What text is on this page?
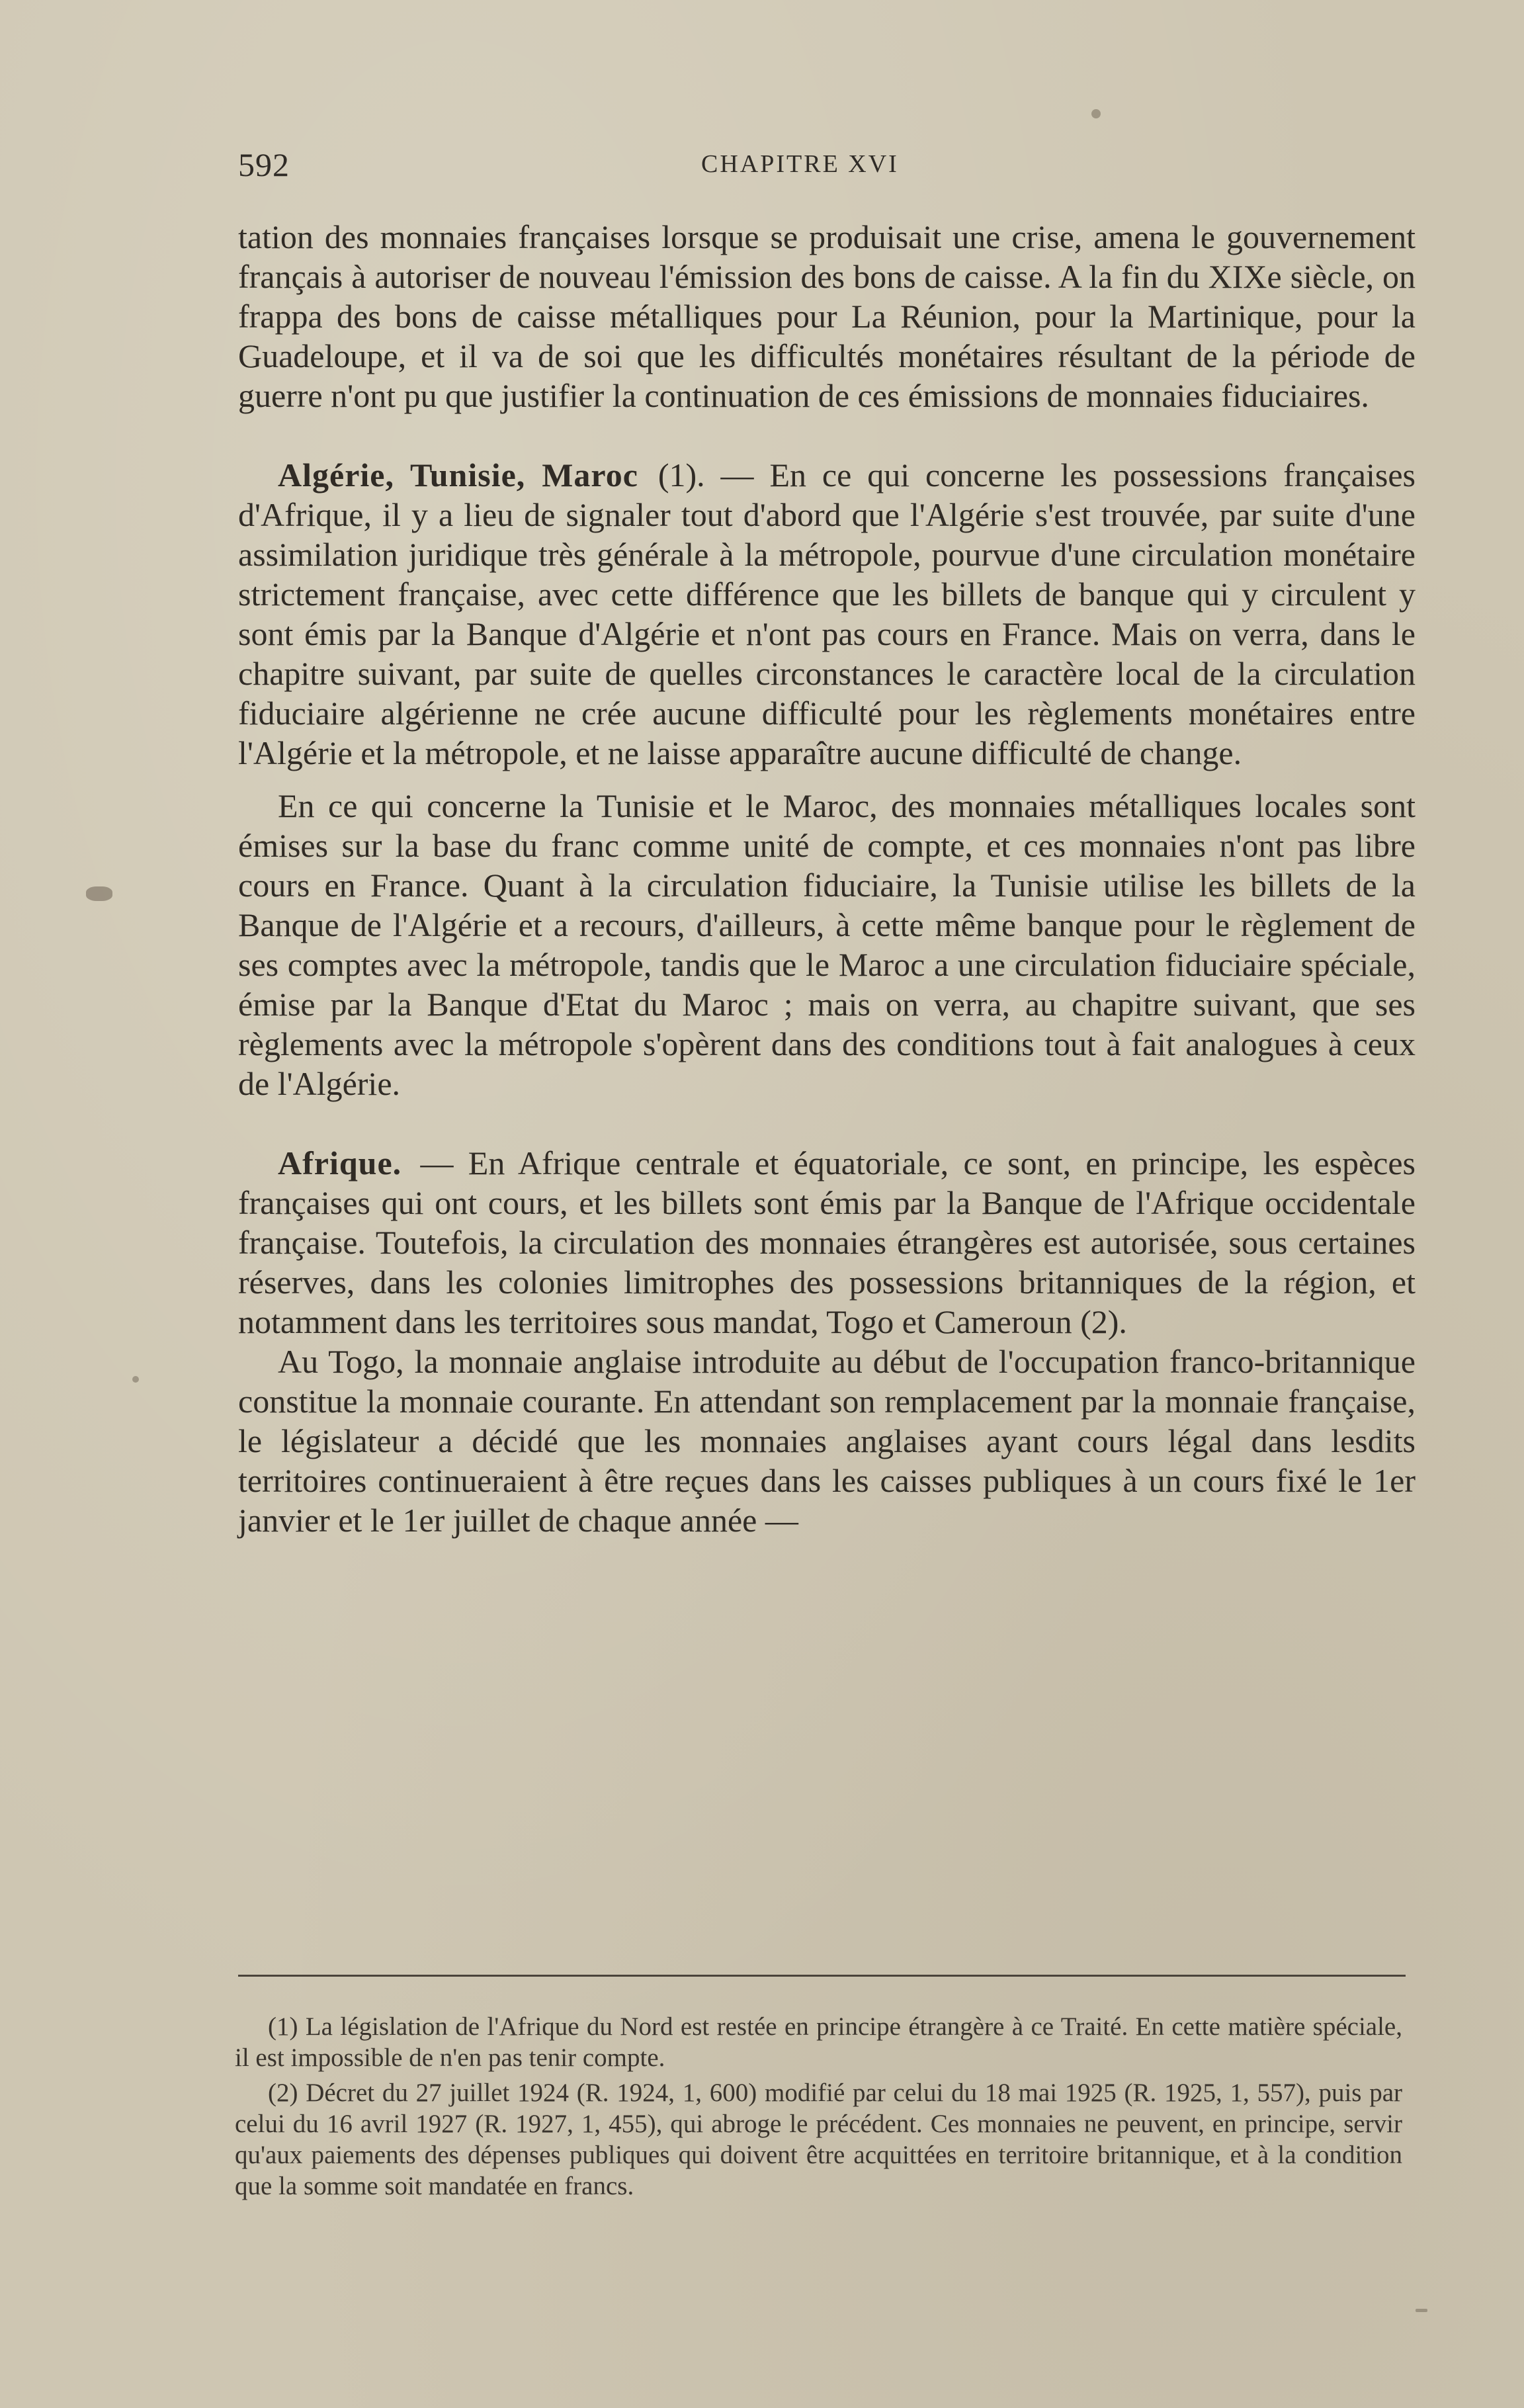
592	CHAPITRE XVI

tation des monnaies françaises lorsque se produisait une crise, amena le gouvernement français à autoriser de nouveau l'émission des bons de caisse. A la fin du XIXe siècle, on frappa des bons de caisse métalliques pour La Réunion, pour la Martinique, pour la Guadeloupe, et il va de soi que les difficultés monétaires résultant de la période de guerre n'ont pu que justifier la continuation de ces émissions de monnaies fiduciaires.

Algérie, Tunisie, Maroc (1). — En ce qui concerne les possessions françaises d'Afrique, il y a lieu de signaler tout d'abord que l'Algérie s'est trouvée, par suite d'une assimilation juridique très générale à la métropole, pourvue d'une circulation monétaire strictement française, avec cette différence que les billets de banque qui y circulent y sont émis par la Banque d'Algérie et n'ont pas cours en France. Mais on verra, dans le chapitre suivant, par suite de quelles circonstances le caractère local de la circulation fiduciaire algérienne ne crée aucune difficulté pour les règlements monétaires entre l'Algérie et la métropole, et ne laisse apparaître aucune difficulté de change.

En ce qui concerne la Tunisie et le Maroc, des monnaies métalliques locales sont émises sur la base du franc comme unité de compte, et ces monnaies n'ont pas libre cours en France. Quant à la circulation fiduciaire, la Tunisie utilise les billets de la Banque de l'Algérie et a recours, d'ailleurs, à cette même banque pour le règlement de ses comptes avec la métropole, tandis que le Maroc a une circulation fiduciaire spéciale, émise par la Banque d'Etat du Maroc ; mais on verra, au chapitre suivant, que ses règlements avec la métropole s'opèrent dans des conditions tout à fait analogues à ceux de l'Algérie.

Afrique. — En Afrique centrale et équatoriale, ce sont, en principe, les espèces françaises qui ont cours, et les billets sont émis par la Banque de l'Afrique occidentale française. Toutefois, la circulation des monnaies étrangères est autorisée, sous certaines réserves, dans les colonies limitrophes des possessions britanniques de la région, et notamment dans les territoires sous mandat, Togo et Cameroun (2).

Au Togo, la monnaie anglaise introduite au début de l'occupation franco-britannique constitue la monnaie courante. En attendant son remplacement par la monnaie française, le législateur a décidé que les monnaies anglaises ayant cours légal dans lesdits territoires continueraient à être reçues dans les caisses publiques à un cours fixé le 1er janvier et le 1er juillet de chaque année —

(1) La législation de l'Afrique du Nord est restée en principe étrangère à ce Traité. En cette matière spéciale, il est impossible de n'en pas tenir compte.

(2) Décret du 27 juillet 1924 (R. 1924, 1, 600) modifié par celui du 18 mai 1925 (R. 1925, 1, 557), puis par celui du 16 avril 1927 (R. 1927, 1, 455), qui abroge le précédent. Ces monnaies ne peuvent, en principe, servir qu'aux paiements des dépenses publiques qui doivent être acquittées en territoire britannique, et à la condition que la somme soit mandatée en francs.
